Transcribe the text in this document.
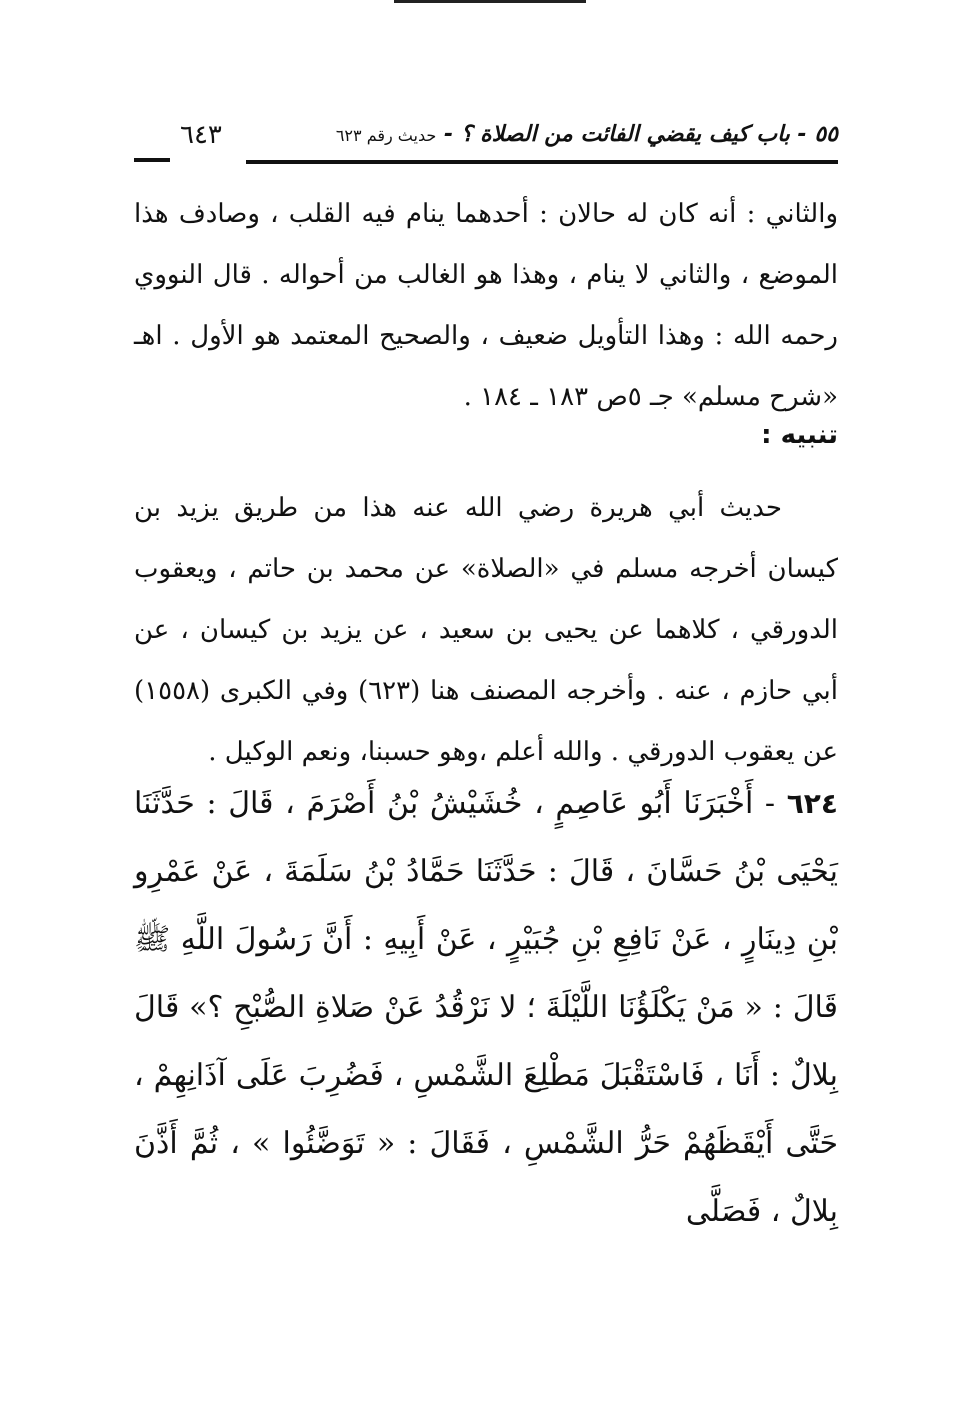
٥٥ - باب كيف يقضي الفائت من الصلاة ؟ - حديث رقم ٦٢٣
٦٤٣
والثاني : أنه كان له حالان : أحدهما ينام فيه القلب ، وصادف هذا الموضع ، والثاني لا ينام ، وهذا هو الغالب من أحواله . قال النووي رحمه الله : وهذا التأويل ضعيف ، والصحيح المعتمد هو الأول . اهـ «شرح مسلم» جـ ٥ص ١٨٣ ـ ١٨٤ .
تنبيه :
حديث أبي هريرة رضي الله عنه هذا من طريق يزيد بن كيسان أخرجه مسلم في «الصلاة» عن محمد بن حاتم ، ويعقوب الدورقي ، كلاهما عن يحيى بن سعيد ، عن يزيد بن كيسان ، عن أبي حازم ، عنه . وأخرجه المصنف هنا (٦٢٣) وفي الكبرى (١٥٥٨) عن يعقوب الدورقي . والله أعلم ،وهو حسبنا، ونعم الوكيل .
٦٢٤ - أَخْبَرَنَا أَبُو عَاصِمٍ ، خُشَيْشُ بْنُ أَصْرَمَ ، قَالَ : حَدَّثَنَا يَحْيَى بْنُ حَسَّانَ ، قَالَ : حَدَّثَنَا حَمَّادُ بْنُ سَلَمَةَ ، عَنْ عَمْرِو بْنِ دِينَارٍ ، عَنْ نَافِعِ بْنِ جُبَيْرٍ ، عَنْ أَبِيهِ : أَنَّ رَسُولَ اللَّهِ ﷺ قَالَ : « مَنْ يَكْلَؤُنَا اللَّيْلَةَ ؛ لا نَرْقُدُ عَنْ صَلاةِ الصُّبْحِ ؟» قَالَ بِلالٌ : أَنَا ، فَاسْتَقْبَلَ مَطْلِعَ الشَّمْسِ ، فَضُرِبَ عَلَى آذَانِهِمْ ، حَتَّى أَيْقَظَهُمْ حَرُّ الشَّمْسِ ، فَقَالَ : « تَوَضَّئُوا » ، ثُمَّ أَذَّنَ بِلالٌ ، فَصَلَّى
